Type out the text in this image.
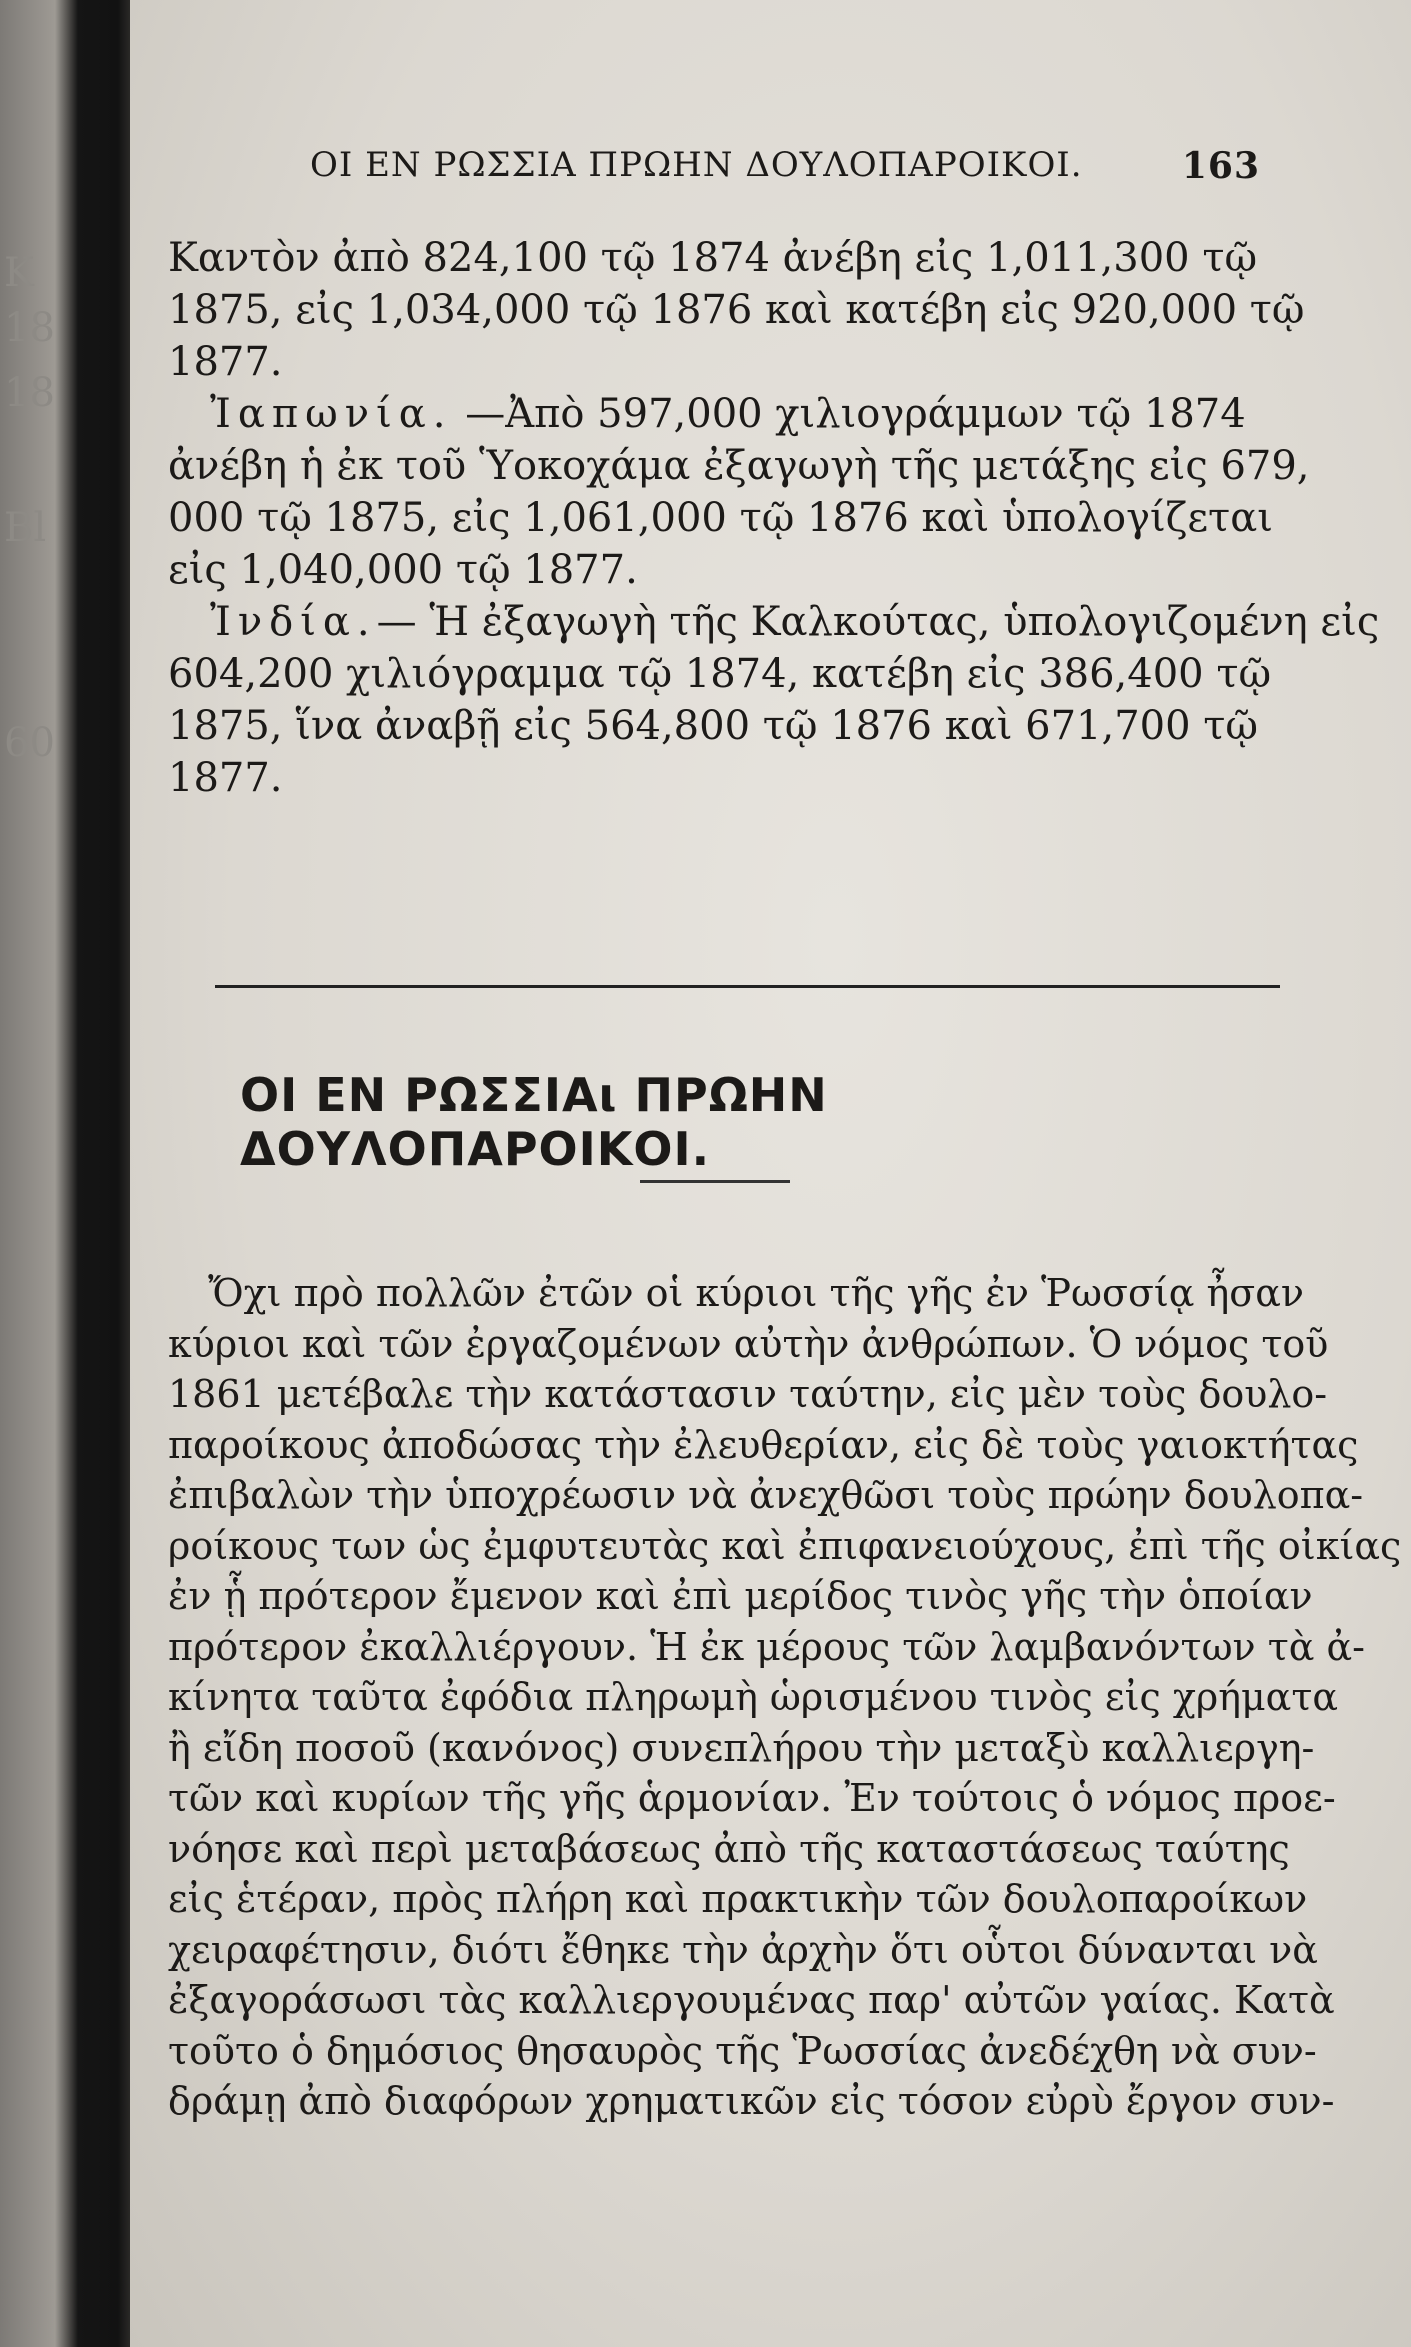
K
18
18
Bl
60
ΟΙ ΕΝ ΡΩΣΣΙΑ ΠΡΩΗΝ ΔΟΥΛΟΠΑΡΟΙΚΟΙ.	163
Καντὸν ἀπὸ 824,100 τῷ 1874 ἀνέβη εἰς 1,011,300 τῷ
1875, εἰς 1,034,000 τῷ 1876 καὶ κατέβη εἰς 920,000 τῷ
1877.
Ἰαπωνία. —Ἀπὸ 597,000 χιλιογράμμων τῷ 1874
ἀνέβη ἡ ἐκ τοῦ Ὑοκοχάμα ἐξαγωγὴ τῆς μετάξης εἰς 679,
000 τῷ 1875, εἰς 1,061,000 τῷ 1876 καὶ ὑπολογίζεται
εἰς 1,040,000 τῷ 1877.
Ἰνδία.— Ἡ ἐξαγωγὴ τῆς Καλκούτας, ὑπολογιζομένη εἰς
604,200 χιλιόγραμμα τῷ 1874, κατέβη εἰς 386,400 τῷ
1875, ἵνα ἀναβῇ εἰς 564,800 τῷ 1876 καὶ 671,700 τῷ
1877.
ΟΙ ΕΝ ΡΩΣΣΙΑι ΠΡΩΗΝ ΔΟΥΛΟΠΑΡΟΙΚΟΙ.
Ὄχι πρὸ πολλῶν ἐτῶν οἱ κύριοι τῆς γῆς ἐν Ῥωσσίᾳ ἦσαν
κύριοι καὶ τῶν ἐργαζομένων αὐτὴν ἀνθρώπων. Ὁ νόμος τοῦ
1861 μετέβαλε τὴν κατάστασιν ταύτην, εἰς μὲν τοὺς δουλο-
παροίκους ἀποδώσας τὴν ἐλευθερίαν, εἰς δὲ τοὺς γαιοκτήτας
ἐπιβαλὼν τὴν ὑποχρέωσιν νὰ ἀνεχθῶσι τοὺς πρώην δουλοπα-
ροίκους των ὡς ἐμφυτευτὰς καὶ ἐπιφανειούχους, ἐπὶ τῆς οἰκίας
ἐν ᾗ πρότερον ἔμενον καὶ ἐπὶ μερίδος τινὸς γῆς τὴν ὁποίαν
πρότερον ἐκαλλιέργουν. Ἡ ἐκ μέρους τῶν λαμβανόντων τὰ ἀ-
κίνητα ταῦτα ἐφόδια πληρωμὴ ὡρισμένου τινὸς εἰς χρήματα
ἢ εἴδη ποσοῦ (κανόνος) συνεπλήρου τὴν μεταξὺ καλλιεργη-
τῶν καὶ κυρίων τῆς γῆς ἁρμονίαν. Ἐν τούτοις ὁ νόμος προε-
νόησε καὶ περὶ μεταβάσεως ἀπὸ τῆς καταστάσεως ταύτης
εἰς ἑτέραν, πρὸς πλήρη καὶ πρακτικὴν τῶν δουλοπαροίκων
χειραφέτησιν, διότι ἔθηκε τὴν ἀρχὴν ὅτι οὗτοι δύνανται νὰ
ἐξαγοράσωσι τὰς καλλιεργουμένας παρ' αὐτῶν γαίας. Κατὰ
τοῦτο ὁ δημόσιος θησαυρὸς τῆς Ῥωσσίας ἀνεδέχθη νὰ συν-
δράμῃ ἀπὸ διαφόρων χρηματικῶν εἰς τόσον εὐρὺ ἔργον συν-
